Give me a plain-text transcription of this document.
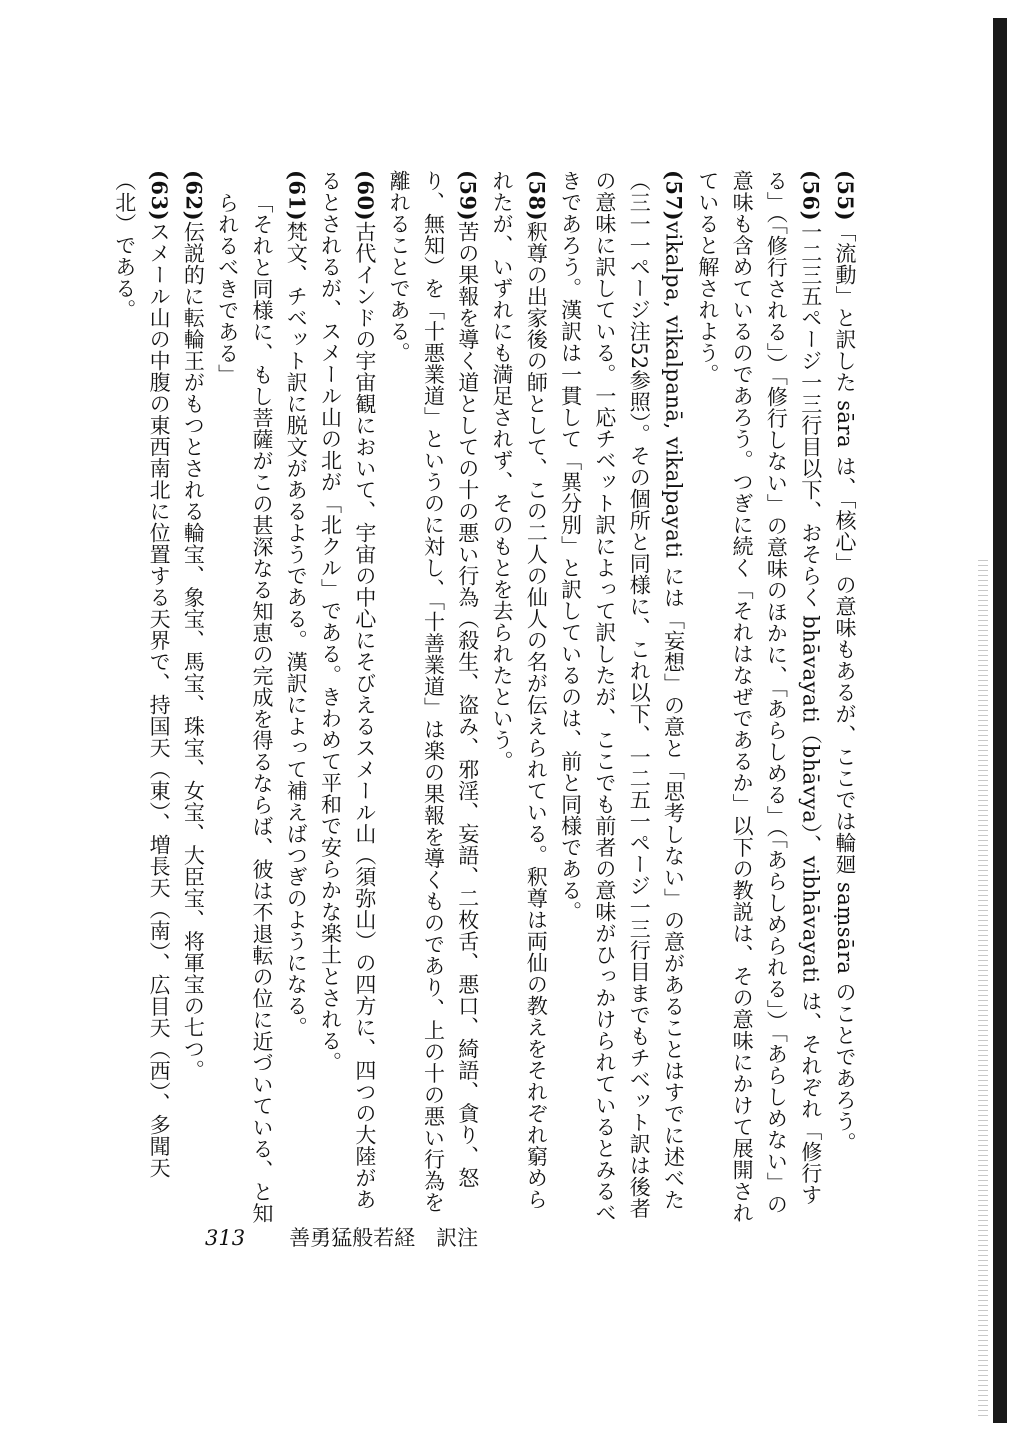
(55)「流動」と訳した sāra は、「核心」の意味もあるが、ここでは輪廻 saṃsāra のことであろう。
(56)一二三五ページ一三行目以下、おそらく bhāvayati（bhāvya）、vibhāvayati は、それぞれ「修行する」（「修行される」）「修行しない」の意味のほかに、「あらしめる」（「あらしめられる」）「あらしめない」の意味も含めているのであろう。つぎに続く「それはなぜであるか」以下の教説は、その意味にかけて展開されていると解されよう。
(57)vikalpa, vikalpanā, vikalpayati には「妄想」の意と「思考しない」の意があることはすでに述べた（三一一ページ注52参照）。その個所と同様に、これ以下、一二五一ページ一三行目までもチベット訳は後者の意味に訳している。一応チベット訳によって訳したが、ここでも前者の意味がひっかけられているとみるべきであろう。漢訳は一貫して「異分別」と訳しているのは、前と同様である。
(58)釈尊の出家後の師として、この二人の仙人の名が伝えられている。釈尊は両仙の教えをそれぞれ窮められたが、いずれにも満足されず、そのもとを去られたという。
(59)苦の果報を導く道としての十の悪い行為（殺生、盗み、邪淫、妄語、二枚舌、悪口、綺語、貪り、怒り、無知）を「十悪業道」というのに対し、「十善業道」は楽の果報を導くものであり、上の十の悪い行為を離れることである。
(60)古代インドの宇宙観において、宇宙の中心にそびえるスメール山（須弥山）の四方に、四つの大陸があるとされるが、スメール山の北が「北クル」である。きわめて平和で安らかな楽土とされる。
(61)梵文、チベット訳に脱文があるようである。漢訳によって補えばつぎのようになる。
「それと同様に、もし菩薩がこの甚深なる知恵の完成を得るならば、彼は不退転の位に近づいている、と知られるべきである」
(62)伝説的に転輪王がもつとされる輪宝、象宝、馬宝、珠宝、女宝、大臣宝、将軍宝の七つ。
(63)スメール山の中腹の東西南北に位置する天界で、持国天（東）、増長天（南）、広目天（西）、多聞天（北）である。
313 善勇猛般若経　訳注
